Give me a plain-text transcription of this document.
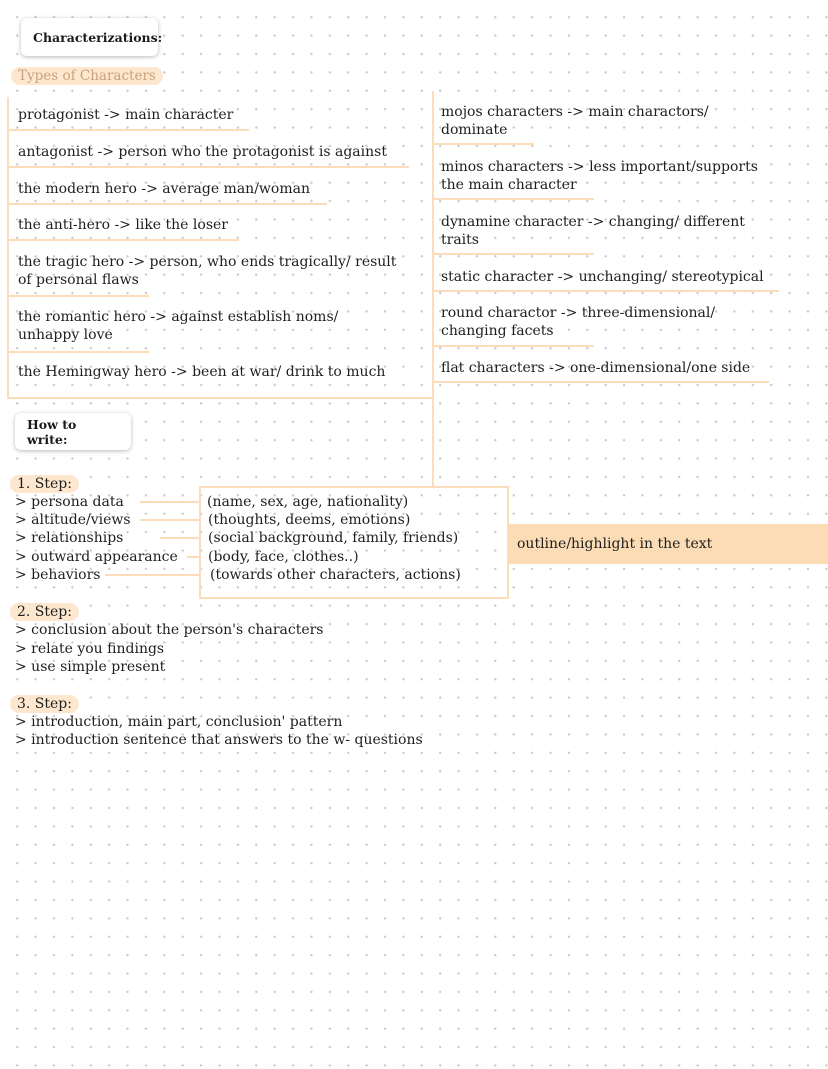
Characterizations:
Types of Characters
protagonist -> main character
antagonist -> person who the protagonist is against
the modern hero -> average man/woman
the anti-hero -> like the loser
the tragic hero -> person, who ends tragically/ result
of personal flaws
the romantic hero -> against establish noms/
unhappy love
the Hemingway hero -> been at war/ drink to much
mojos characters -> main charactors/
dominate
minos characters -> less important/supports
the main character
dynamine character -> changing/ different
traits
static character -> unchanging/ stereotypical
round charactor -> three-dimensional/
changing facets
flat characters -> one-dimensional/one side
How to write:
1. Step:
> persona data
> altitude/views
> relationships
> outward appearance
> behaviors
(name, sex, age, nationality)
(thoughts, deems, emotions)
(social background, family, friends)
(body, face, clothes..)
(towards other characters, actions)
outline/highlight in the text
2. Step:
> conclusion about the person's characters
> relate you findings
> use simple present
3. Step:
> introduction, main part, conclusion' pattern
> introduction sentence that answers to the w- questions
